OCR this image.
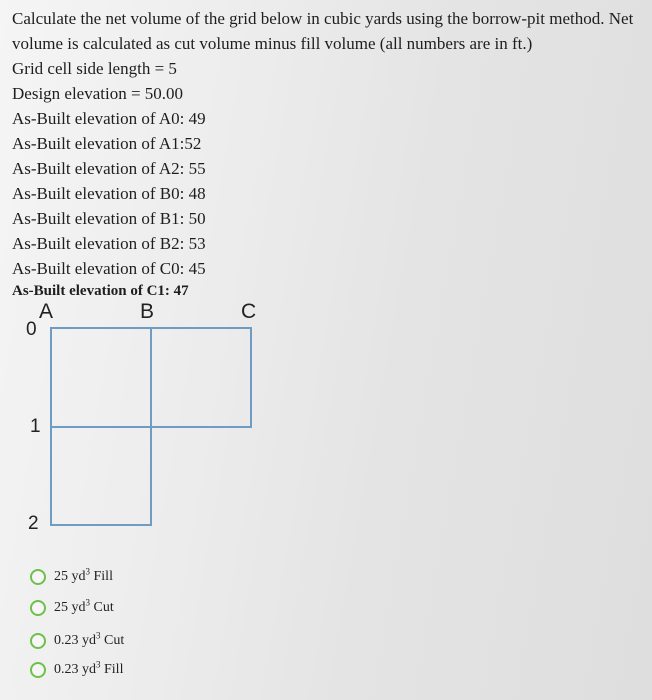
Calculate the net volume of the grid below in cubic yards using the borrow-pit method. Net volume is calculated as cut volume minus fill volume (all numbers are in ft.)

Grid cell side length = 5

Design elevation = 50.00

As-Built elevation of A0: 49

As-Built elevation of A1:52

As-Built elevation of A2: 55

As-Built elevation of B0: 48

As-Built elevation of B1: 50

As-Built elevation of B2: 53

As-Built elevation of C0: 45

As-Built elevation of C1: 47

A	B	C
0
1
2
25 $yd^3$ Fill
25 $yd^3$ Cut
0.23 $yd^3$ Cut
0.23 $yd^3$ Fill
